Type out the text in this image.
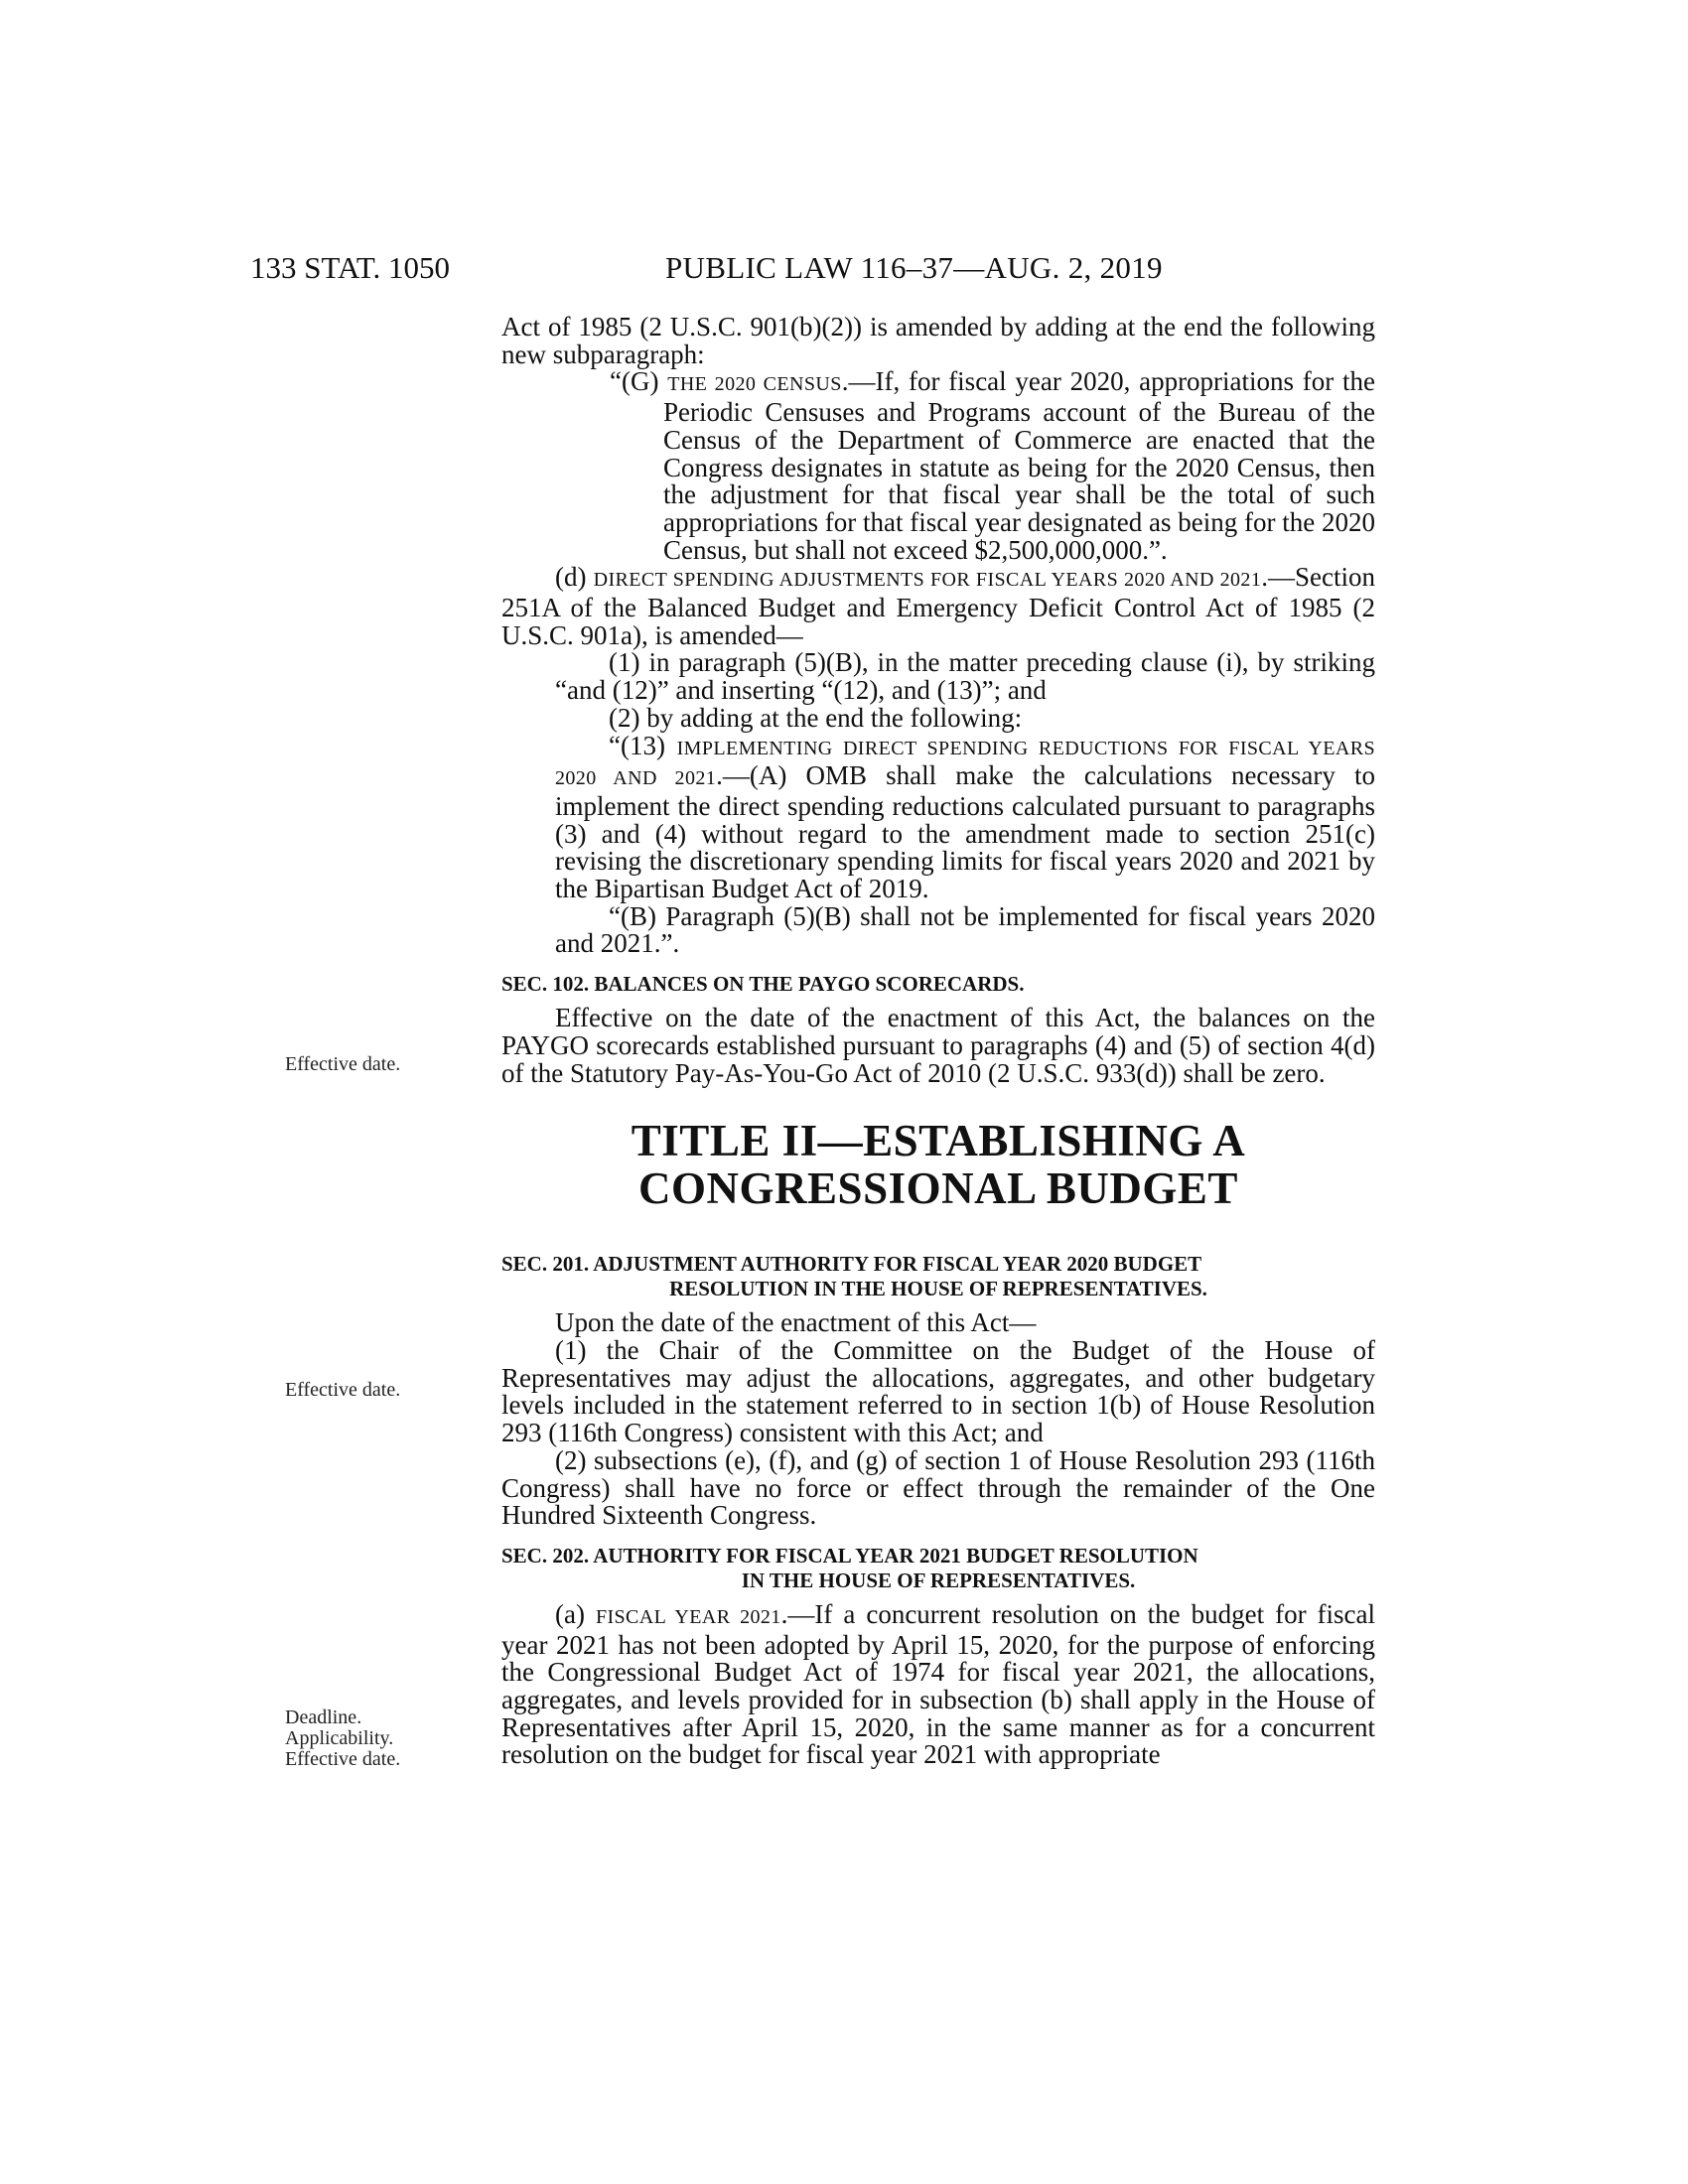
133 STAT. 1050	PUBLIC LAW 116–37—AUG. 2, 2019
Effective date.
Effective date.
Deadline.
Applicability.
Effective date.

Act of 1985 (2 U.S.C. 901(b)(2)) is amended by adding at the end the following new subparagraph:

“(G) THE 2020 CENSUS.—If, for fiscal year 2020, appropriations for the Periodic Censuses and Programs account of the Bureau of the Census of the Department of Commerce are enacted that the Congress designates in statute as being for the 2020 Census, then the adjustment for that fiscal year shall be the total of such appropriations for that fiscal year designated as being for the 2020 Census, but shall not exceed $2,500,000,000.”.

(d) DIRECT SPENDING ADJUSTMENTS FOR FISCAL YEARS 2020 AND 2021.—Section 251A of the Balanced Budget and Emergency Deficit Control Act of 1985 (2 U.S.C. 901a), is amended—

(1) in paragraph (5)(B), in the matter preceding clause (i), by striking “and (12)” and inserting “(12), and (13)”; and

(2) by adding at the end the following:

“(13) IMPLEMENTING DIRECT SPENDING REDUCTIONS FOR FISCAL YEARS 2020 AND 2021.—(A) OMB shall make the calculations necessary to implement the direct spending reductions calculated pursuant to paragraphs (3) and (4) without regard to the amendment made to section 251(c) revising the discretionary spending limits for fiscal years 2020 and 2021 by the Bipartisan Budget Act of 2019.

“(B) Paragraph (5)(B) shall not be implemented for fiscal years 2020 and 2021.”.

SEC. 102. BALANCES ON THE PAYGO SCORECARDS.

Effective on the date of the enactment of this Act, the balances on the PAYGO scorecards established pursuant to paragraphs (4) and (5) of section 4(d) of the Statutory Pay-As-You-Go Act of 2010 (2 U.S.C. 933(d)) shall be zero.

TITLE II—ESTABLISHING A
CONGRESSIONAL BUDGET
SEC. 201. ADJUSTMENT AUTHORITY FOR FISCAL YEAR 2020 BUDGET
RESOLUTION IN THE HOUSE OF REPRESENTATIVES.

Upon the date of the enactment of this Act—

(1) the Chair of the Committee on the Budget of the House of Representatives may adjust the allocations, aggregates, and other budgetary levels included in the statement referred to in section 1(b) of House Resolution 293 (116th Congress) consistent with this Act; and

(2) subsections (e), (f), and (g) of section 1 of House Resolution 293 (116th Congress) shall have no force or effect through the remainder of the One Hundred Sixteenth Congress.

SEC. 202. AUTHORITY FOR FISCAL YEAR 2021 BUDGET RESOLUTION
IN THE HOUSE OF REPRESENTATIVES.

(a) FISCAL YEAR 2021.—If a concurrent resolution on the budget for fiscal year 2021 has not been adopted by April 15, 2020, for the purpose of enforcing the Congressional Budget Act of 1974 for fiscal year 2021, the allocations, aggregates, and levels provided for in subsection (b) shall apply in the House of Representatives after April 15, 2020, in the same manner as for a concurrent resolution on the budget for fiscal year 2021 with appropriate
